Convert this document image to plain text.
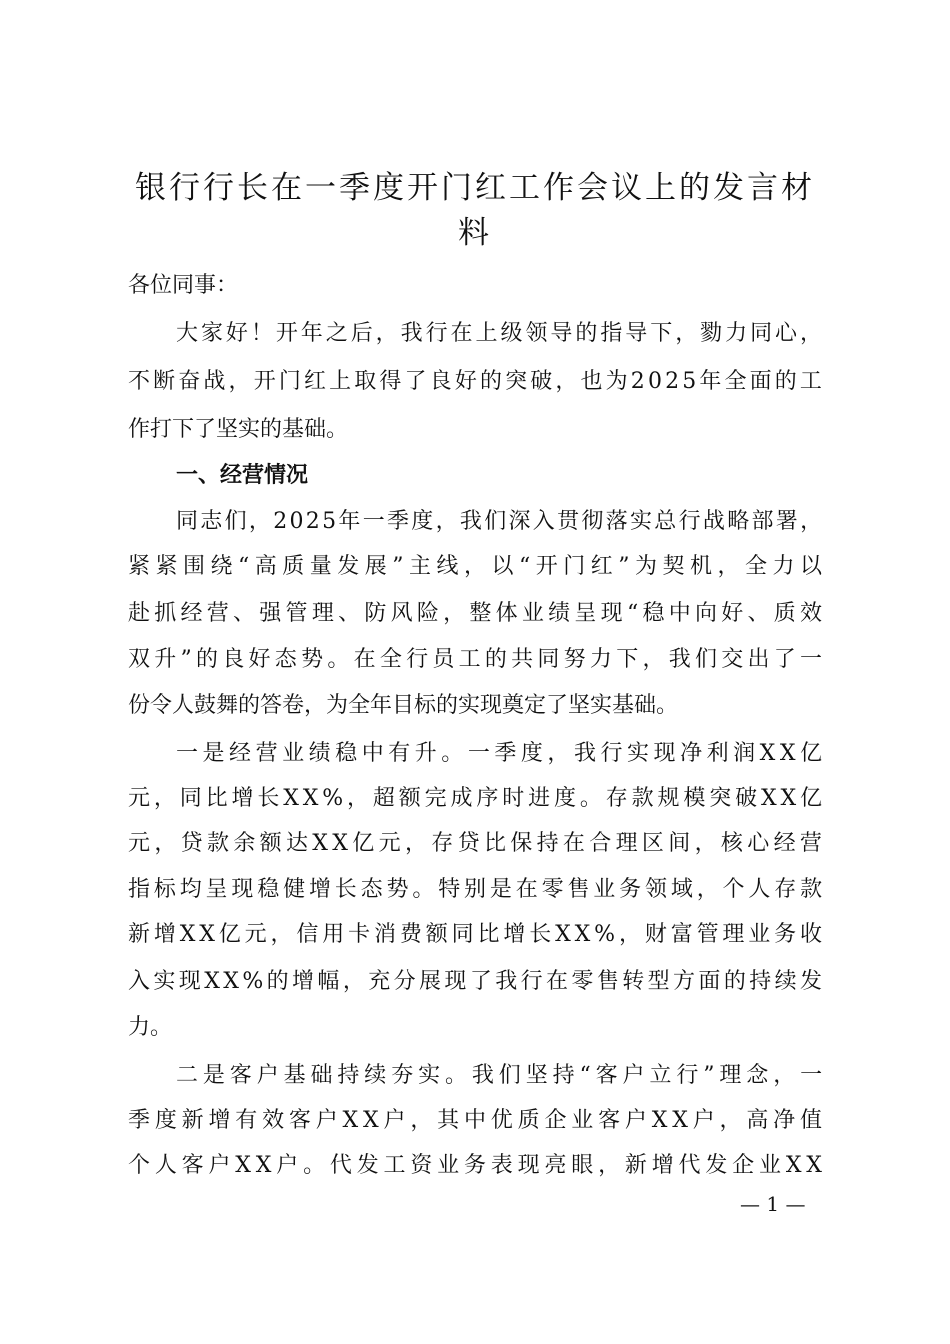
银行行长在一季度开门红工作会议上的发言材料
各位同事：
大家好！开年之后，我行在上级领导的指导下，勠力同心，
不断奋战，开门红上取得了良好的突破，也为2025年全面的工
作打下了坚实的基础。
一、经营情况
同志们，2025年一季度，我们深入贯彻落实总行战略部署，
紧紧围绕“高质量发展”主线，以“开门红”为契机，全力以
赴抓经营、强管理、防风险，整体业绩呈现“稳中向好、质效
双升”的良好态势。在全行员工的共同努力下，我们交出了一
份令人鼓舞的答卷，为全年目标的实现奠定了坚实基础。
一是经营业绩稳中有升。一季度，我行实现净利润XX亿
元，同比增长XX%，超额完成序时进度。存款规模突破XX亿
元，贷款余额达XX亿元，存贷比保持在合理区间，核心经营
指标均呈现稳健增长态势。特别是在零售业务领域，个人存款
新增XX亿元，信用卡消费额同比增长XX%，财富管理业务收
入实现XX%的增幅，充分展现了我行在零售转型方面的持续发
力。
二是客户基础持续夯实。我们坚持“客户立行”理念，一
季度新增有效客户XX户，其中优质企业客户XX户，高净值
个人客户XX户。代发工资业务表现亮眼，新增代发企业XX
— 1 —
